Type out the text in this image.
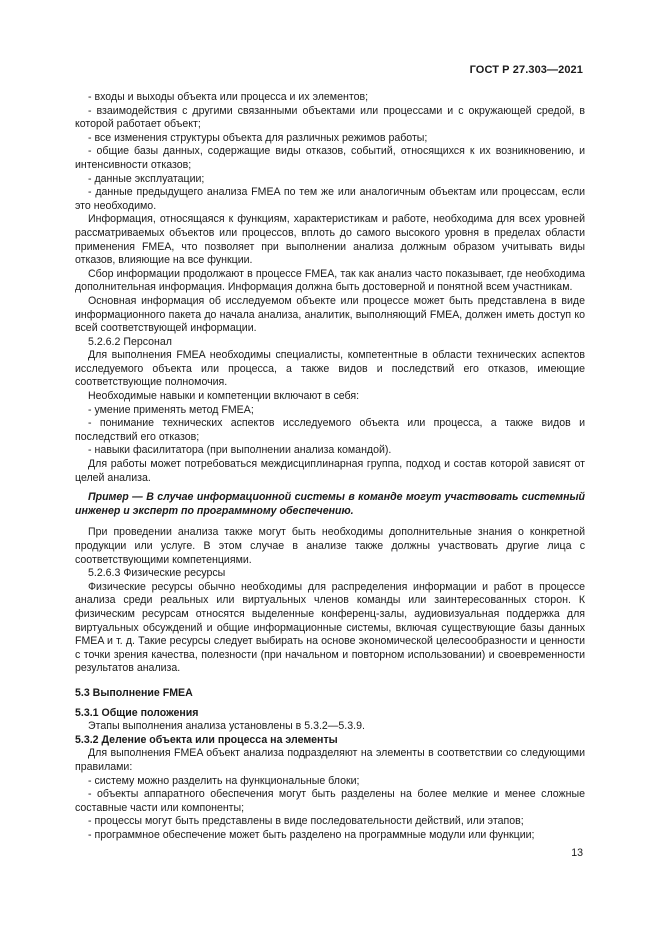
ГОСТ Р 27.303—2021

- входы и выходы объекта или процесса и их элементов;

- взаимодействия с другими связанными объектами или процессами и с окружающей средой, в которой работает объект;

- все изменения структуры объекта для различных режимов работы;

- общие базы данных, содержащие виды отказов, событий, относящихся к их возникновению, и интенсивности отказов;

- данные эксплуатации;

- данные предыдущего анализа FMEA по тем же или аналогичным объектам или процессам, если это необходимо.

Информация, относящаяся к функциям, характеристикам и работе, необходима для всех уровней рассматриваемых объектов или процессов, вплоть до самого высокого уровня в пределах области применения FMEA, что позволяет при выполнении анализа должным образом учитывать виды отказов, влияющие на все функции.

Сбор информации продолжают в процессе FMEA, так как анализ часто показывает, где необходима дополнительная информация. Информация должна быть достоверной и понятной всем участникам.

Основная информация об исследуемом объекте или процессе может быть представлена в виде информационного пакета до начала анализа, аналитик, выполняющий FMEA, должен иметь доступ ко всей соответствующей информации.

5.2.6.2 Персонал

Для выполнения FMEA необходимы специалисты, компетентные в области технических аспектов исследуемого объекта или процесса, а также видов и последствий его отказов, имеющие соответствующие полномочия.

Необходимые навыки и компетенции включают в себя:

- умение применять метод FMEA;

- понимание технических аспектов исследуемого объекта или процесса, а также видов и последствий его отказов;

- навыки фасилитатора (при выполнении анализа командой).

Для работы может потребоваться междисциплинарная группа, подход и состав которой зависят от целей анализа.

Пример — В случае информационной системы в команде могут участвовать системный инженер и эксперт по программному обеспечению.

При проведении анализа также могут быть необходимы дополнительные знания о конкретной продукции или услуге. В этом случае в анализе также должны участвовать другие лица с соответствующими компетенциями.

5.2.6.3 Физические ресурсы

Физические ресурсы обычно необходимы для распределения информации и работ в процессе анализа среди реальных или виртуальных членов команды или заинтересованных сторон. К физическим ресурсам относятся выделенные конференц-залы, аудиовизуальная поддержка для виртуальных обсуждений и общие информационные системы, включая существующие базы данных FMEA и т. д. Такие ресурсы следует выбирать на основе экономической целесообразности и ценности с точки зрения качества, полезности (при начальном и повторном использовании) и своевременности результатов анализа.

5.3 Выполнение FMEA

5.3.1 Общие положения

Этапы выполнения анализа установлены в 5.3.2—5.3.9.

5.3.2 Деление объекта или процесса на элементы

Для выполнения FMEA объект анализа подразделяют на элементы в соответствии со следующими правилами:

- систему можно разделить на функциональные блоки;

- объекты аппаратного обеспечения могут быть разделены на более мелкие и менее сложные составные части или компоненты;

- процессы могут быть представлены в виде последовательности действий, или этапов;

- программное обеспечение может быть разделено на программные модули или функции;

13
